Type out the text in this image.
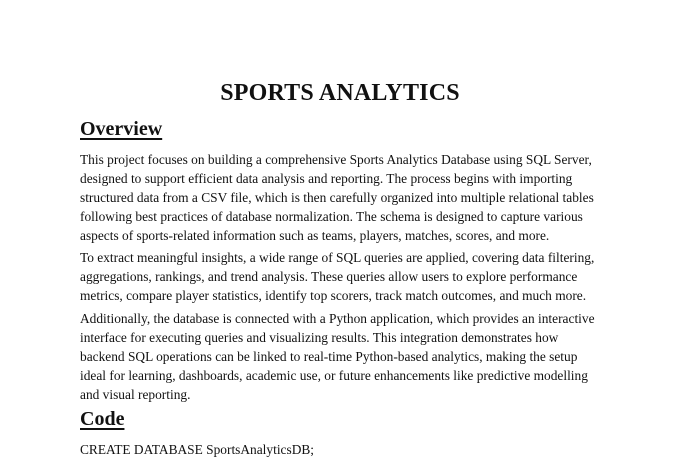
SPORTS ANALYTICS
Overview

This project focuses on building a comprehensive Sports Analytics Database using SQL Server, designed to support efficient data analysis and reporting. The process begins with importing structured data from a CSV file, which is then carefully organized into multiple relational tables following best practices of database normalization. The schema is designed to capture various aspects of sports-related information such as teams, players, matches, scores, and more.

To extract meaningful insights, a wide range of SQL queries are applied, covering data filtering, aggregations, rankings, and trend analysis. These queries allow users to explore performance metrics, compare player statistics, identify top scorers, track match outcomes, and much more.

Additionally, the database is connected with a Python application, which provides an interactive interface for executing queries and visualizing results. This integration demonstrates how backend SQL operations can be linked to real-time Python-based analytics, making the setup ideal for learning, dashboards, academic use, or future enhancements like predictive modelling and visual reporting.

Code

CREATE DATABASE SportsAnalyticsDB;
